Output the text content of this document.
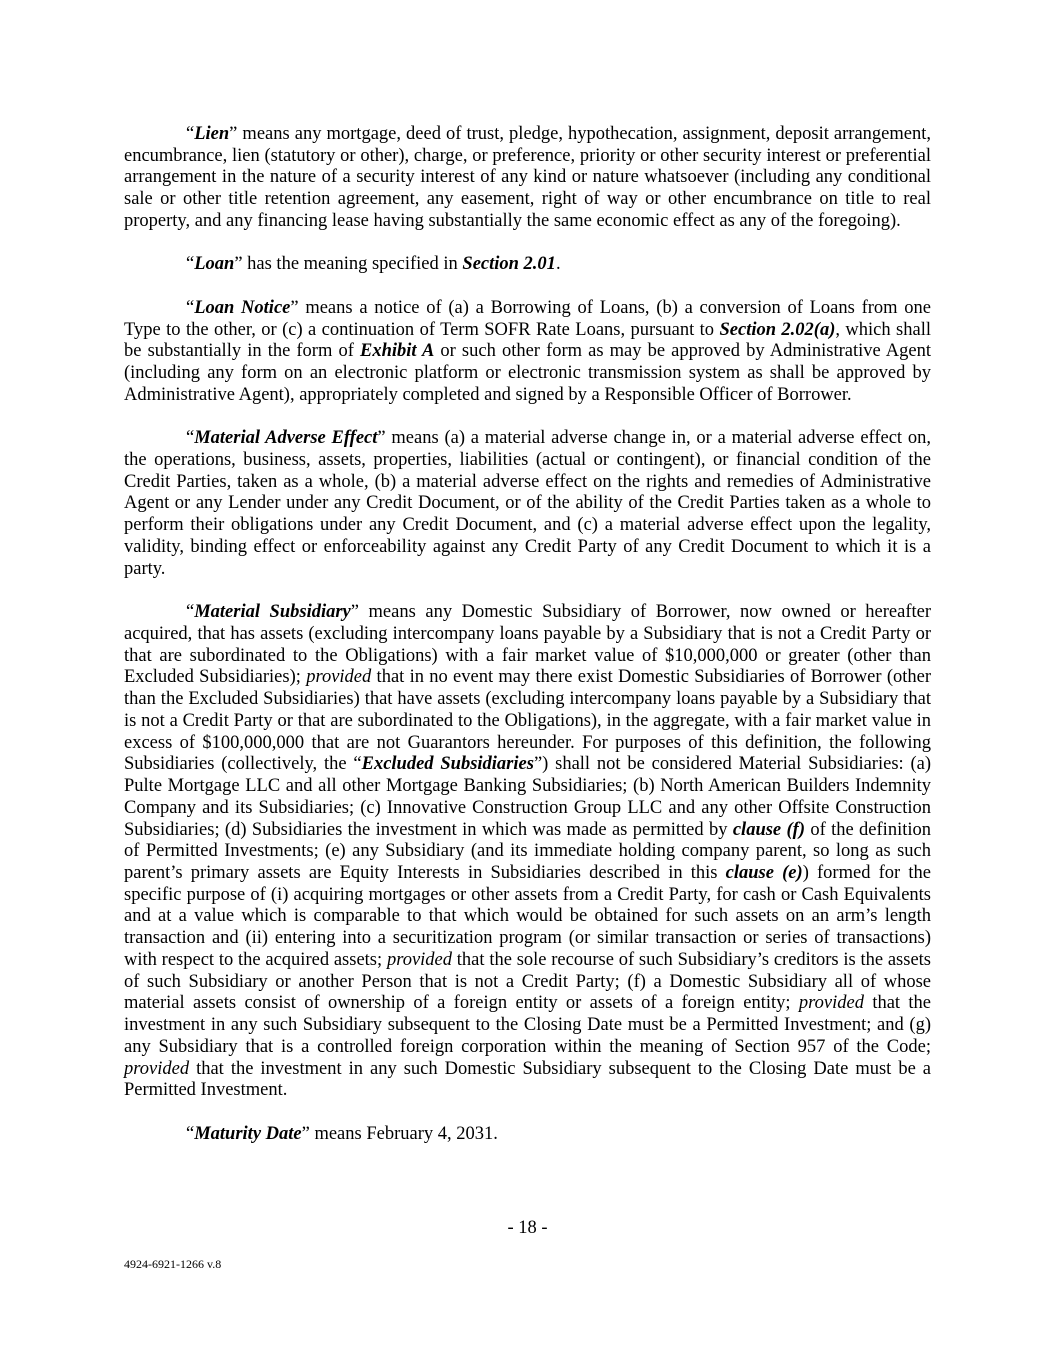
“Lien” means any mortgage, deed of trust, pledge, hypothecation, assignment, deposit arrangement, encumbrance, lien (statutory or other), charge, or preference, priority or other security interest or preferential arrangement in the nature of a security interest of any kind or nature whatsoever (including any conditional sale or other title retention agreement, any easement, right of way or other encumbrance on title to real property, and any financing lease having substantially the same economic effect as any of the foregoing).

“Loan” has the meaning specified in Section 2.01.

“Loan Notice” means a notice of (a) a Borrowing of Loans, (b) a conversion of Loans from one Type to the other, or (c) a continuation of Term SOFR Rate Loans, pursuant to Section 2.02(a), which shall be substantially in the form of Exhibit A or such other form as may be approved by Administrative Agent (including any form on an electronic platform or electronic transmission system as shall be approved by Administrative Agent), appropriately completed and signed by a Responsible Officer of Borrower.

“Material Adverse Effect” means (a) a material adverse change in, or a material adverse effect on, the operations, business, assets, properties, liabilities (actual or contingent), or financial condition of the Credit Parties, taken as a whole, (b) a material adverse effect on the rights and remedies of Administrative Agent or any Lender under any Credit Document, or of the ability of the Credit Parties taken as a whole to perform their obligations under any Credit Document, and (c) a material adverse effect upon the legality, validity, binding effect or enforceability against any Credit Party of any Credit Document to which it is a party.

“Material Subsidiary” means any Domestic Subsidiary of Borrower, now owned or hereafter acquired, that has assets (excluding intercompany loans payable by a Subsidiary that is not a Credit Party or that are subordinated to the Obligations) with a fair market value of $10,000,000 or greater (other than Excluded Subsidiaries); provided that in no event may there exist Domestic Subsidiaries of Borrower (other than the Excluded Subsidiaries) that have assets (excluding intercompany loans payable by a Subsidiary that is not a Credit Party or that are subordinated to the Obligations), in the aggregate, with a fair market value in excess of $100,000,000 that are not Guarantors hereunder. For purposes of this definition, the following Subsidiaries (collectively, the “Excluded Subsidiaries”) shall not be considered Material Subsidiaries: (a) Pulte Mortgage LLC and all other Mortgage Banking Subsidiaries; (b) North American Builders Indemnity Company and its Subsidiaries; (c) Innovative Construction Group LLC and any other Offsite Construction Subsidiaries; (d) Subsidiaries the investment in which was made as permitted by clause (f) of the definition of Permitted Investments; (e) any Subsidiary (and its immediate holding company parent, so long as such parent’s primary assets are Equity Interests in Subsidiaries described in this clause (e)) formed for the specific purpose of (i) acquiring mortgages or other assets from a Credit Party, for cash or Cash Equivalents and at a value which is comparable to that which would be obtained for such assets on an arm’s length transaction and (ii) entering into a securitization program (or similar transaction or series of transactions) with respect to the acquired assets; provided that the sole recourse of such Subsidiary’s creditors is the assets of such Subsidiary or another Person that is not a Credit Party; (f) a Domestic Subsidiary all of whose material assets consist of ownership of a foreign entity or assets of a foreign entity; provided that the investment in any such Subsidiary subsequent to the Closing Date must be a Permitted Investment; and (g) any Subsidiary that is a controlled foreign corporation within the meaning of Section 957 of the Code; provided that the investment in any such Domestic Subsidiary subsequent to the Closing Date must be a Permitted Investment.

“Maturity Date” means February 4, 2031.

- 18 -
4924-6921-1266 v.8
